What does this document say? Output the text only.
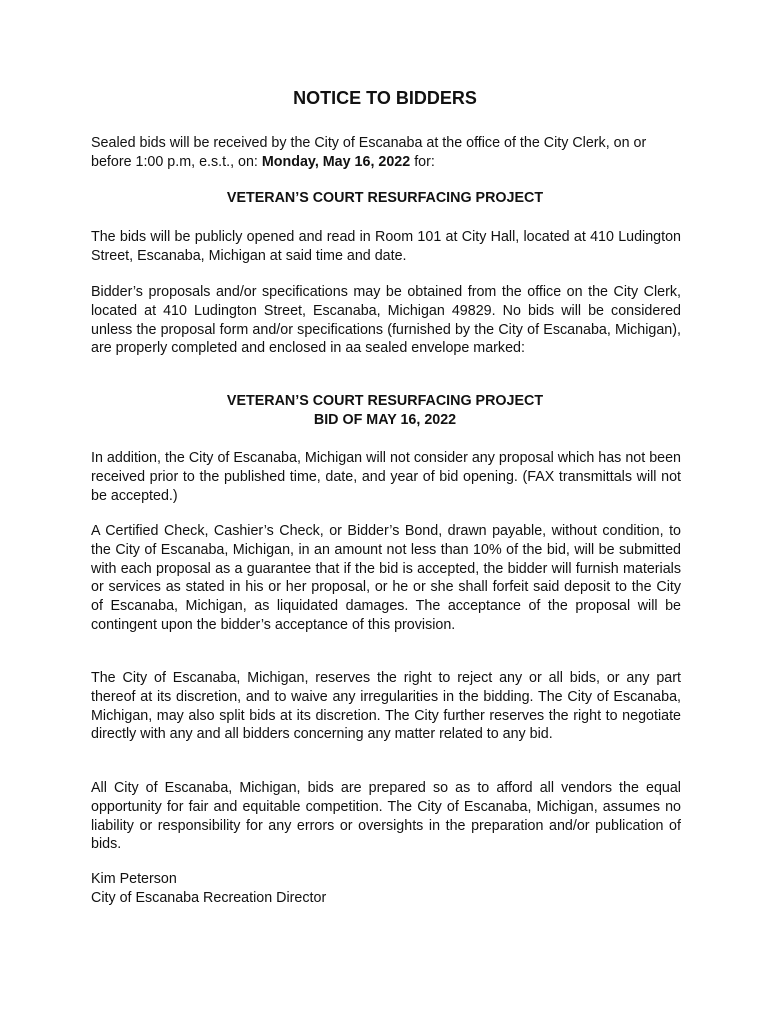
NOTICE TO BIDDERS
Sealed bids will be received by the City of Escanaba at the office of the City Clerk, on or before 1:00 p.m, e.s.t., on: Monday, May 16, 2022 for:
VETERAN’S COURT RESURFACING PROJECT
The bids will be publicly opened and read in Room 101 at City Hall, located at 410 Ludington Street, Escanaba, Michigan at said time and date.
Bidder’s proposals and/or specifications may be obtained from the office on the City Clerk, located at 410 Ludington Street, Escanaba, Michigan 49829. No bids will be considered unless the proposal form and/or specifications (furnished by the City of Escanaba, Michigan), are properly completed and enclosed in aa sealed envelope marked:
VETERAN’S COURT RESURFACING PROJECT
BID OF MAY 16, 2022
In addition, the City of Escanaba, Michigan will not consider any proposal which has not been received prior to the published time, date, and year of bid opening. (FAX transmittals will not be accepted.)
A Certified Check, Cashier’s Check, or Bidder’s Bond, drawn payable, without condition, to the City of Escanaba, Michigan, in an amount not less than 10% of the bid, will be submitted with each proposal as a guarantee that if the bid is accepted, the bidder will furnish materials or services as stated in his or her proposal, or he or she shall forfeit said deposit to the City of Escanaba, Michigan, as liquidated damages. The acceptance of the proposal will be contingent upon the bidder’s acceptance of this provision.
The City of Escanaba, Michigan, reserves the right to reject any or all bids, or any part thereof at its discretion, and to waive any irregularities in the bidding. The City of Escanaba, Michigan, may also split bids at its discretion. The City further reserves the right to negotiate directly with any and all bidders concerning any matter related to any bid.
All City of Escanaba, Michigan, bids are prepared so as to afford all vendors the equal opportunity for fair and equitable competition. The City of Escanaba, Michigan, assumes no liability or responsibility for any errors or oversights in the preparation and/or publication of bids.
Kim Peterson
City of Escanaba Recreation Director
